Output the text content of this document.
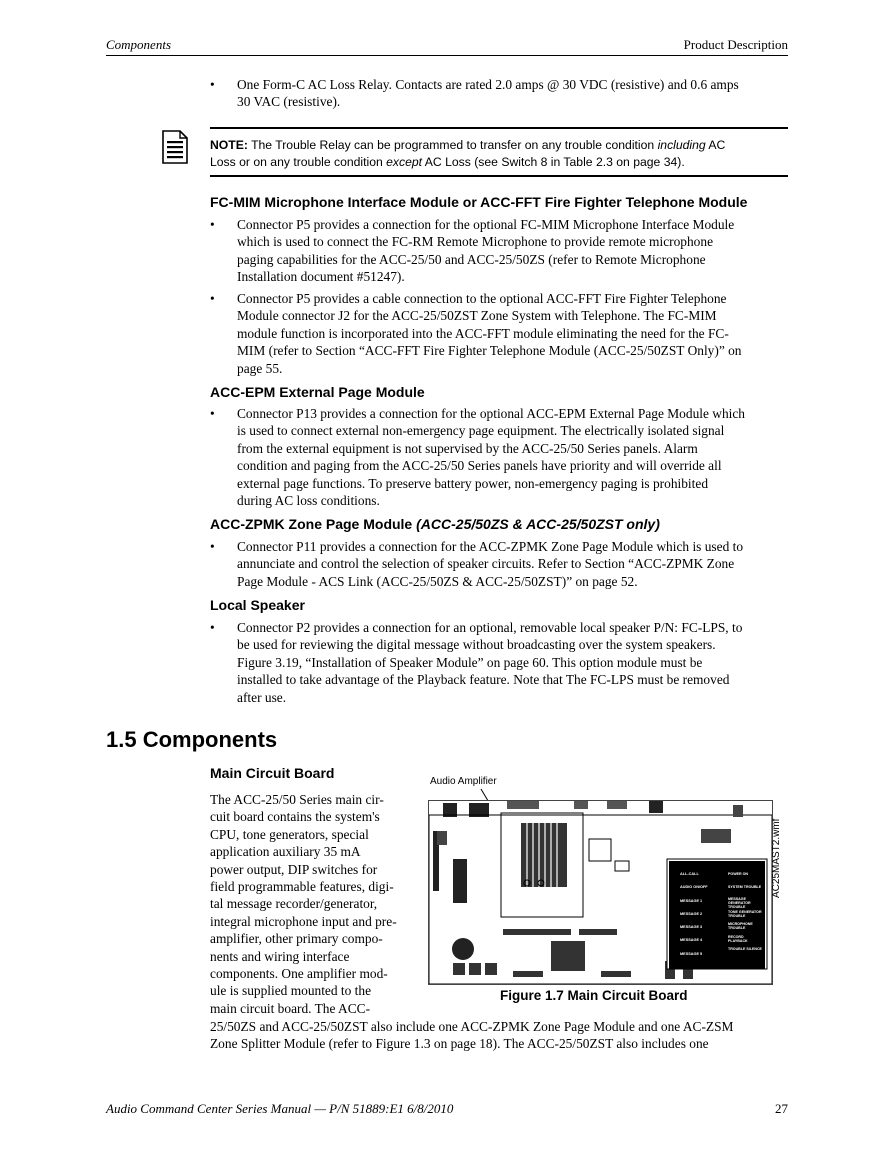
Components	Product Description
• One Form-C AC Loss Relay. Contacts are rated 2.0 amps @ 30 VDC (resistive) and 0.6 amps
30 VAC (resistive).
NOTE: The Trouble Relay can be programmed to transfer on any trouble condition including AC
Loss or on any trouble condition except AC Loss (see Switch 8 in Table 2.3 on page 34).
FC-MIM Microphone Interface Module or ACC-FFT Fire Fighter Telephone Module
• Connector P5 provides a connection for the optional FC-MIM Microphone Interface Module
which is used to connect the FC-RM Remote Microphone to provide remote microphone
paging capabilities for the ACC-25/50 and ACC-25/50ZS (refer to Remote Microphone
Installation document #51247).
• Connector P5 provides a cable connection to the optional ACC-FFT Fire Fighter Telephone
Module connector J2 for the ACC-25/50ZST Zone System with Telephone. The FC-MIM
module function is incorporated into the ACC-FFT module eliminating the need for the FC-
MIM (refer to Section “ACC-FFT Fire Fighter Telephone Module (ACC-25/50ZST Only)” on
page 55.
ACC-EPM External Page Module
• Connector P13 provides a connection for the optional ACC-EPM External Page Module which
is used to connect external non-emergency page equipment. The electrically isolated signal
from the external equipment is not supervised by the ACC-25/50 Series panels. Alarm
condition and paging from the ACC-25/50 Series panels have priority and will override all
external page functions. To preserve battery power, non-emergency paging is prohibited
during AC loss conditions.
ACC-ZPMK Zone Page Module (ACC-25/50ZS & ACC-25/50ZST only)
• Connector P11 provides a connection for the ACC-ZPMK Zone Page Module which is used to
annunciate and control the selection of speaker circuits. Refer to Section “ACC-ZPMK Zone
Page Module - ACS Link (ACC-25/50ZS & ACC-25/50ZST)” on page 52.
Local Speaker
• Connector P2 provides a connection for an optional, removable local speaker P/N: FC-LPS, to
be used for reviewing the digital message without broadcasting over the system speakers.
Figure 3.19, “Installation of Speaker Module” on page 60. This option module must be
installed to take advantage of the Playback feature. Note that The FC-LPS must be removed
after use.
1.5 Components
Main Circuit Board
The ACC-25/50 Series main cir-
cuit board contains the system's
CPU, tone generators, special
application auxiliary 35 mA
power output, DIP switches for
field programmable features, digi-
tal message recorder/generator,
integral microphone input and pre-
amplifier, other primary compo-
nents and wiring interface
components. One amplifier mod-
ule is supplied mounted to the
main circuit board. The ACC-
25/50ZS and ACC-25/50ZST also include one ACC-ZPMK Zone Page Module and one AC-ZSM
Zone Splitter Module (refer to Figure 1.3 on page 18). The ACC-25/50ZST also includes one
Audio Amplifier
ALL-CALL
AUDIO ON/OFF
MESSAGE 1
MESSAGE 2
MESSAGE 3
MESSAGE 4
MESSAGE 5
POWER ON
SYSTEM TROUBLE
MESSAGE GENERATOR TROUBLE
TONE GENERATOR TROUBLE
MICROPHONE TROUBLE
RECORD PLAYBACK
TROUBLE SILENCE
AC25MAST2.wmf
Figure 1.7 Main Circuit Board
Audio Command Center Series Manual — P/N 51889:E1 6/8/2010	27
